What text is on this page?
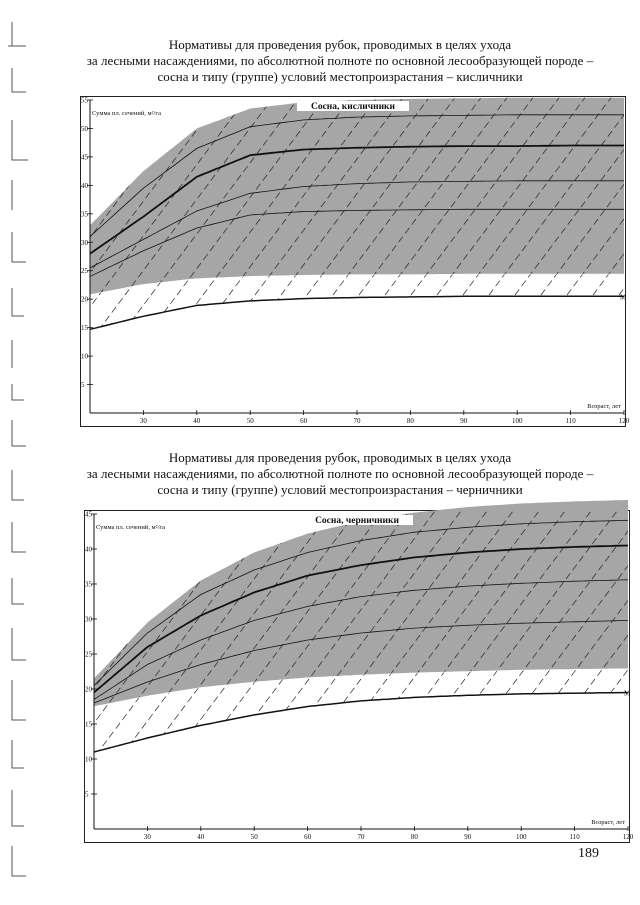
Нормативы для проведения рубок, проводимых в целях ухода
за лесными насаждениями, по абсолютной полноте по основной лесообразующей породе –
сосна и типу (группе) условий местопроизрастания – кисличники
М
5
10
15
20
25
30
35
40
45
50
55
30	40	50	60	70	80	90	100	110	120
Сосна, кисличники
Сумма пл. сечений, м²/га
Возраст, лет
Нормативы для проведения рубок, проводимых в целях ухода
за лесными насаждениями, по абсолютной полноте по основной лесообразующей породе –
сосна и типу (группе) условий местопроизрастания – черничники
М
5
10
15
20
25
30
35
40
45
30	40	50	60	70	80	90	100	110	120
Сосна, черничники
Сумма пл. сечений, м²/га
Возраст, лет
189
